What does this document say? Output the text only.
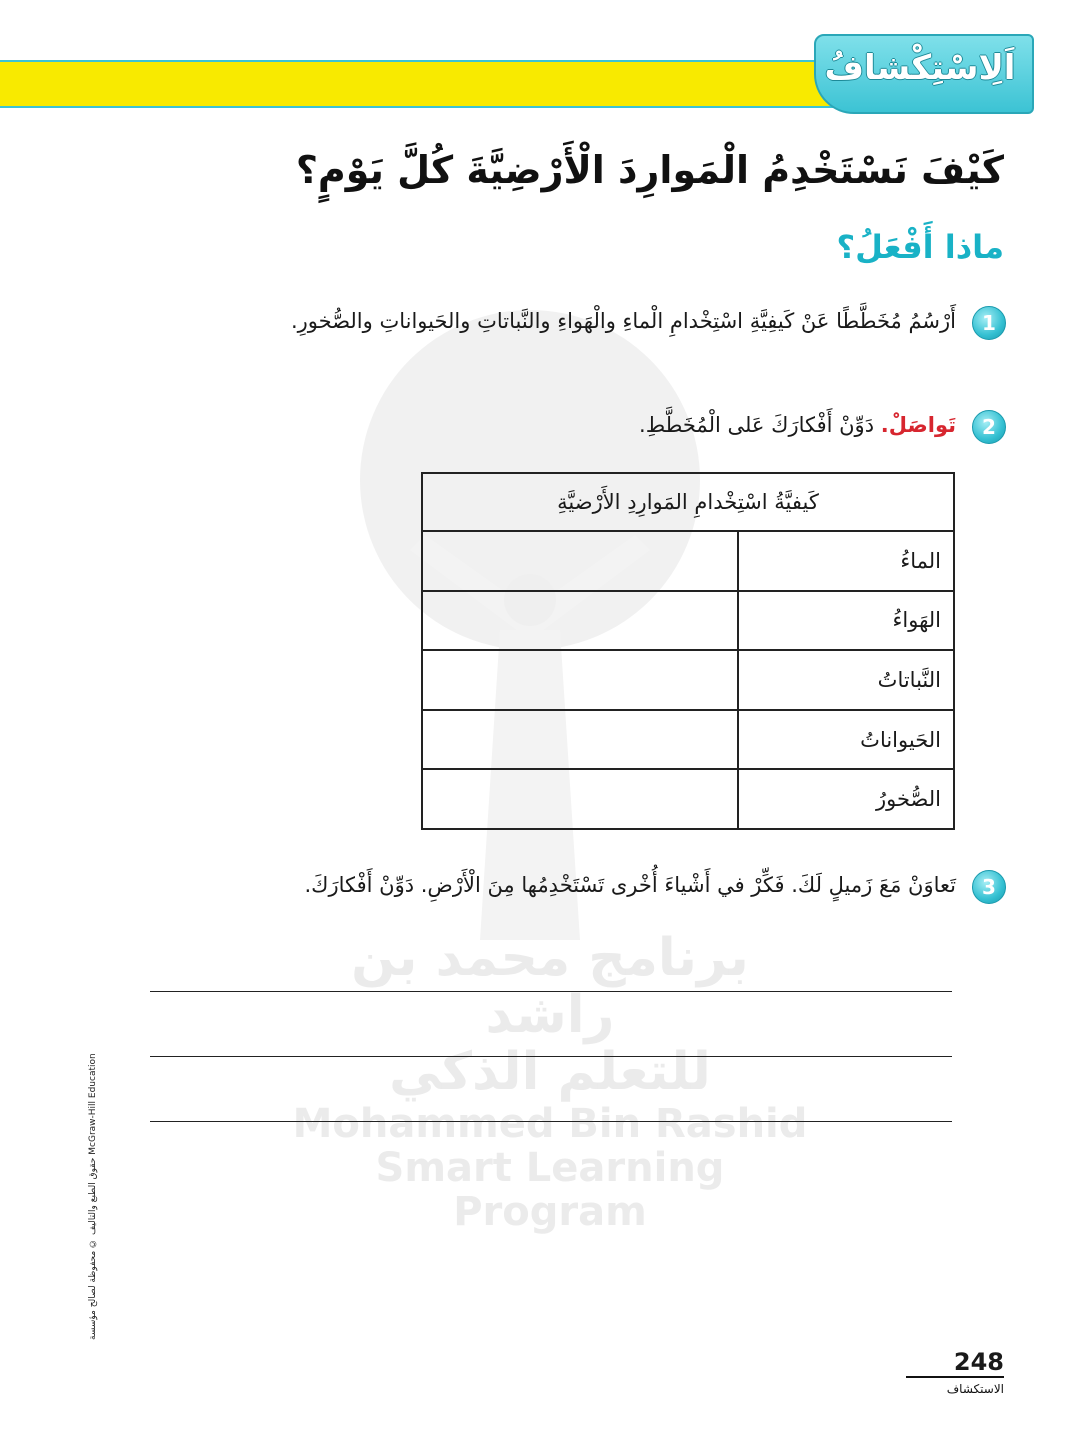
برنامج محمد بن راشد
للتعلم الذكي
Mohammed Bin Rashid
Smart Learning Program
اَلِاسْتِكْشافُ
كَيْفَ نَسْتَخْدِمُ الْمَوارِدَ الْأَرْضِيَّةَ كُلَّ يَوْمٍ؟
ماذا أَفْعَلُ؟
1
أَرْسُمُ مُخَطَّطًا عَنْ كَيفِيَّةِ اسْتِخْدامِ الْماءِ والْهَواءِ والنَّباتاتِ والحَيواناتِ والصُّخورِ.
2
تَواصَلْ. دَوِّنْ أَفْكارَكَ عَلى الْمُخَطَّطِ.
كَيفيَّةُ اسْتِخْدامِ المَوارِدِ الأَرْضيَّةِ	
الماءُ	
الهَواءُ	
النَّباتاتُ	
الحَيواناتُ	
الصُّخورُ	
3
تَعاوَنْ مَعَ زَميلٍ لَكَ. فَكِّرْ في أَشْياءَ أُخْرى تَسْتَخْدِمُها مِنَ الْأَرْضِ. دَوِّنْ أَفْكارَكَ.
حقوق الطبع والتأليف © محفوظة لصالح مؤسسة McGraw-Hill Education
248
الاستكشاف
